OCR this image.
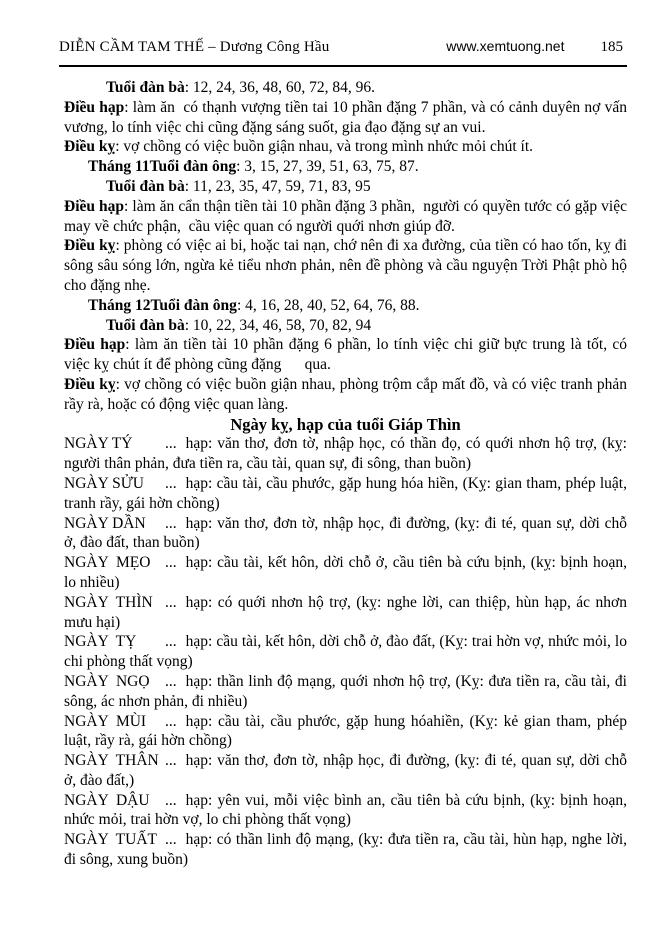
DIỄN CẦM TAM THẾ – Dương Công Hầu	www.xemtuong.net 185

Tuổi đàn bà: 12, 24, 36, 48, 60, 72, 84, 96.

Điều hạp: làm ăn  có thạnh vượng tiền tai 10 phần đặng 7 phần, và có cảnh duyên nợ vấn vương, lo tính việc chi cũng đặng sáng suốt, gia đạo đặng sự an vui.

Điều kỵ: vợ chồng có việc buồn giận nhau, và trong mình nhức mỏi chút ít.

Tháng 11Tuổi đàn ông: 3, 15, 27, 39, 51, 63, 75, 87.

Tuổi đàn bà: 11, 23, 35, 47, 59, 71, 83, 95

Điều hạp: làm ăn cẩn thận tiền tài 10 phần đặng 3 phần,  người có quyền tước có gặp việc may về chức phận,  cầu việc quan có người quới nhơn giúp đỡ.

Điều kỵ: phòng có việc ai bi, hoặc tai nạn, chớ nên đi xa đường, của tiền có hao tốn, kỵ đi sông sâu sóng lớn, ngừa kẻ tiểu nhơn phản, nên đề phòng và cầu nguyện Trời Phật phò hộ cho đặng nhẹ.

Tháng 12Tuổi đàn ông: 4, 16, 28, 40, 52, 64, 76, 88.

Tuổi đàn bà: 10, 22, 34, 46, 58, 70, 82, 94

Điều hạp: làm ăn tiền tài 10 phần đặng 6 phần, lo tính việc chi giữ bực trung là tốt, có việc kỵ chút ít để phòng cũng đặng      qua.

Điều kỵ: vợ chồng có việc buồn giận nhau, phòng trộm cắp mất đồ, và có việc tranh phản rầy rà, hoặc có động việc quan làng.

Ngày kỵ, hạp của tuổi Giáp Thìn

NGÀY TÝ ... hạp: văn thơ, đơn tờ, nhập học, có thần đọ, có quới nhơn hộ trợ, (kỵ: người thân phản, đưa tiền ra, cầu tài, quan sự, đi sông, than buồn)

NGÀY SỬU ... hạp: cầu tài, cầu phước, gặp hung hóa hiền, (Kỵ: gian tham, phép luật,  tranh rầy, gái hờn chồng)

NGÀY DẦN ... hạp: văn thơ, đơn tờ, nhập học, đi đường, (kỵ: đi té, quan sự, dời chỗ ở, đào đất, than buồn)

NGÀY  MẸO ... hạp: cầu tài, kết hôn, dời chỗ ở, cầu tiên bà cứu bịnh, (kỵ: bịnh hoạn, lo nhiều)

NGÀY  THÌN ... hạp: có quới nhơn hộ trợ, (kỵ: nghe lời, can thiệp, hùn hạp, ác nhơn mưu hại)

NGÀY  TỴ ... hạp: cầu tài, kết hôn, dời chỗ ở, đào đất, (Kỵ: trai hờn vợ, nhức mỏi, lo chi phòng thất vọng)

NGÀY  NGỌ ... hạp: thần linh độ mạng, quới nhơn hộ trợ, (Kỵ: đưa tiền ra, cầu tài, đi sông, ác nhơn phản, đi nhiều)

NGÀY  MÙI ... hạp: cầu tài, cầu phước, gặp hung hóahiền, (Kỵ: kẻ gian tham, phép luật, rầy rà, gái hờn chồng)

NGÀY  THÂN ... hạp: văn thơ, đơn tờ, nhập học, đi đường, (kỵ: đi té, quan sự, dời chỗ ở, đào đất,)

NGÀY  DẬU ... hạp: yên vui, mỗi việc bình an, cầu tiên bà cứu bịnh, (kỵ: bịnh hoạn, nhức mỏi, trai hờn vợ, lo chi phòng thất vọng)

NGÀY  TUẤT ... hạp: có thần linh độ mạng, (kỵ: đưa tiền ra, cầu tài, hùn hạp, nghe lời, đi sông, xung buồn)
